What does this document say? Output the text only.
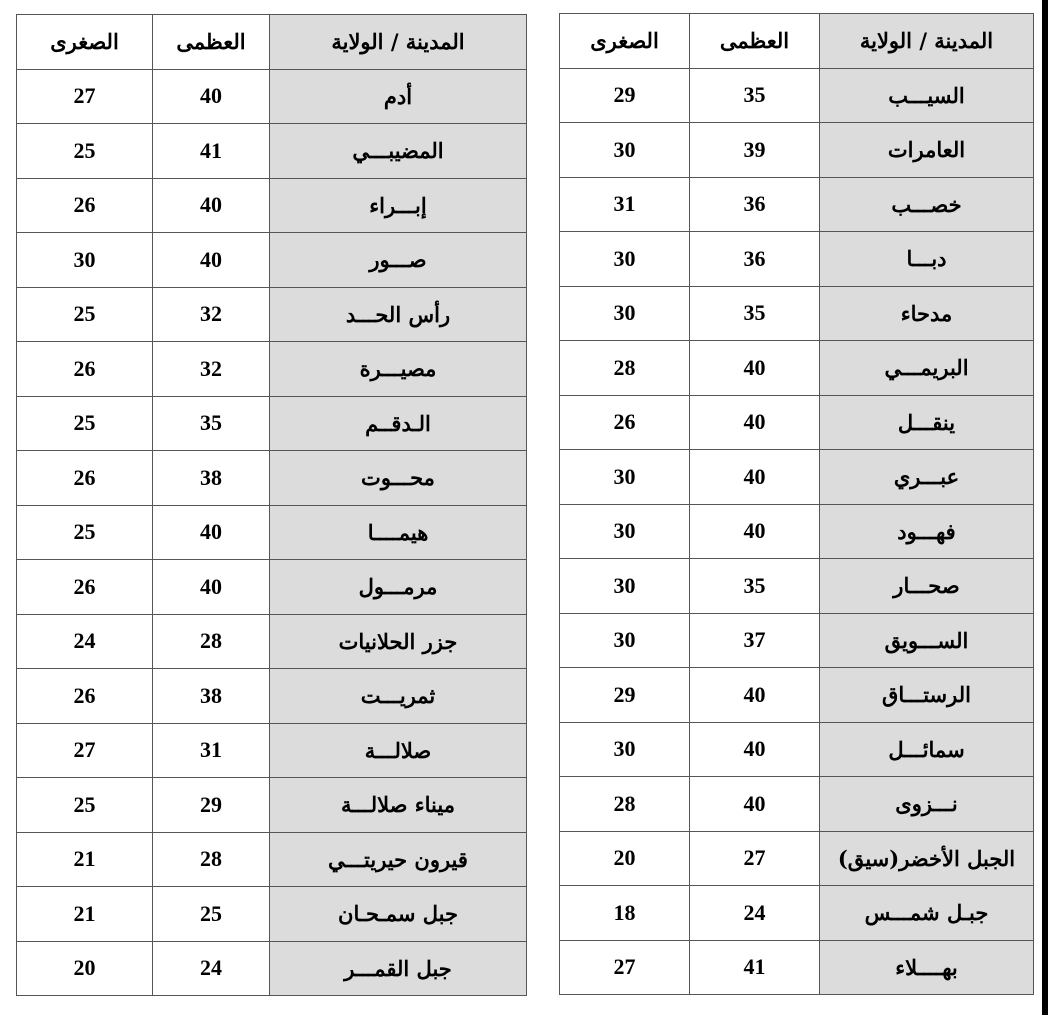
الصغرى	العظمى	المدينة / الولاية
27	40	أدم
25	41	المضيبـــي
26	40	إبـــراء
30	40	صـــور
25	32	رأس الحـــد
26	32	مصيـــرة
25	35	الـدقــم
26	38	محـــوت
25	40	هيمــــا
26	40	مرمـــول
24	28	جزر الحلانيات
26	38	ثمريـــت
27	31	صلالـــة
25	29	ميناء صلالـــة
21	28	قيرون حيريتـــي
21	25	جبل سمـحـان
20	24	جبل القمـــر
الصغرى	العظمى	المدينة / الولاية
29	35	السيـــب
30	39	العامرات
31	36	خصـــب
30	36	دبـــا
30	35	مدحاء
28	40	البريمـــي
26	40	ينقـــل
30	40	عبـــري
30	40	فهـــود
30	35	صحـــار
30	37	الســـويق
29	40	الرستـــاق
30	40	سمائـــل
28	40	نـــزوى
20	27	الجبل الأخضر(سيق)
18	24	جبـل شمـــس
27	41	بهــــلاء
